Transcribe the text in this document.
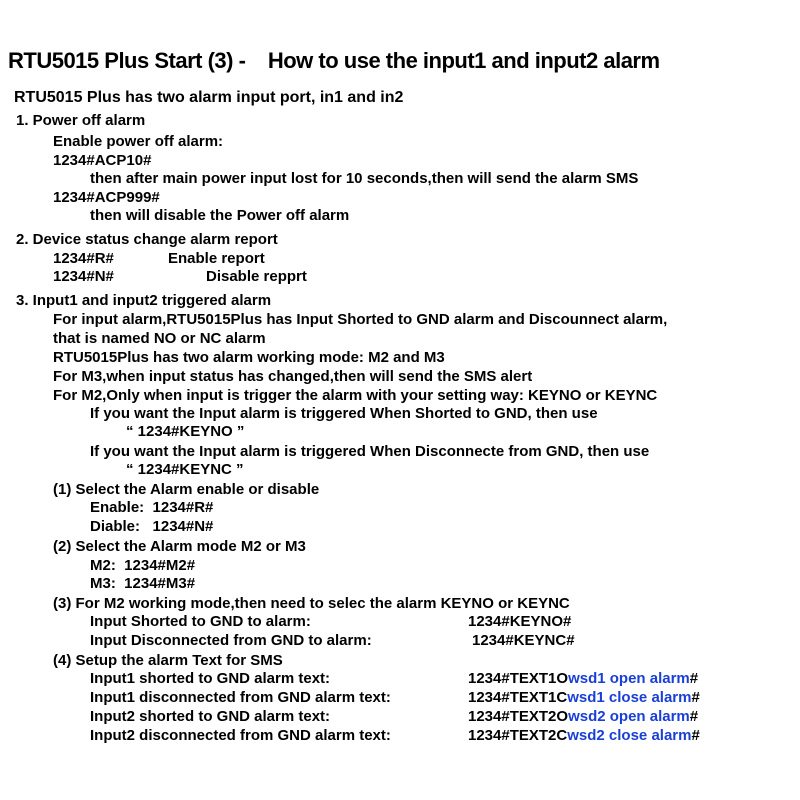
RTU5015 Plus Start (3) -    How to use the input1 and input2 alarm
RTU5015 Plus has two alarm input port, in1 and in2
1. Power off alarm
Enable power off alarm:
1234#ACP10#
then after main power input lost for 10 seconds,then will send the alarm SMS
1234#ACP999#
then will disable the Power off alarm
2. Device status change alarm report
1234#R#	Enable report
1234#N#	Disable repprt
3. Input1 and input2 triggered alarm
For input alarm,RTU5015Plus has Input Shorted to GND alarm and Discounnect alarm,
that is named NO or NC alarm
RTU5015Plus has two alarm working mode: M2 and M3
For M3,when input status has changed,then will send the SMS alert
For M2,Only when input is trigger the alarm with your setting way: KEYNO or KEYNC
If you want the Input alarm is triggered When Shorted to GND, then use
“ 1234#KEYNO ”
If you want the Input alarm is triggered When Disconnecte from GND, then use
“ 1234#KEYNC ”
(1) Select the Alarm enable or disable
Enable:  1234#R#
Diable:   1234#N#
(2) Select the Alarm mode M2 or M3
M2:  1234#M2#
M3:  1234#M3#
(3) For M2 working mode,then need to selec the alarm KEYNO or KEYNC
Input Shorted to GND to alarm:	1234#KEYNO#
Input Disconnected from GND to alarm:	1234#KEYNC#
(4) Setup the alarm Text for SMS
Input1 shorted to GND alarm text:	1234#TEXT1Owsd1 open alarm#
Input1 disconnected from GND alarm text:	1234#TEXT1Cwsd1 close alarm#
Input2 shorted to GND alarm text:	1234#TEXT2Owsd2 open alarm#
Input2 disconnected from GND alarm text:	1234#TEXT2Cwsd2 close alarm#
